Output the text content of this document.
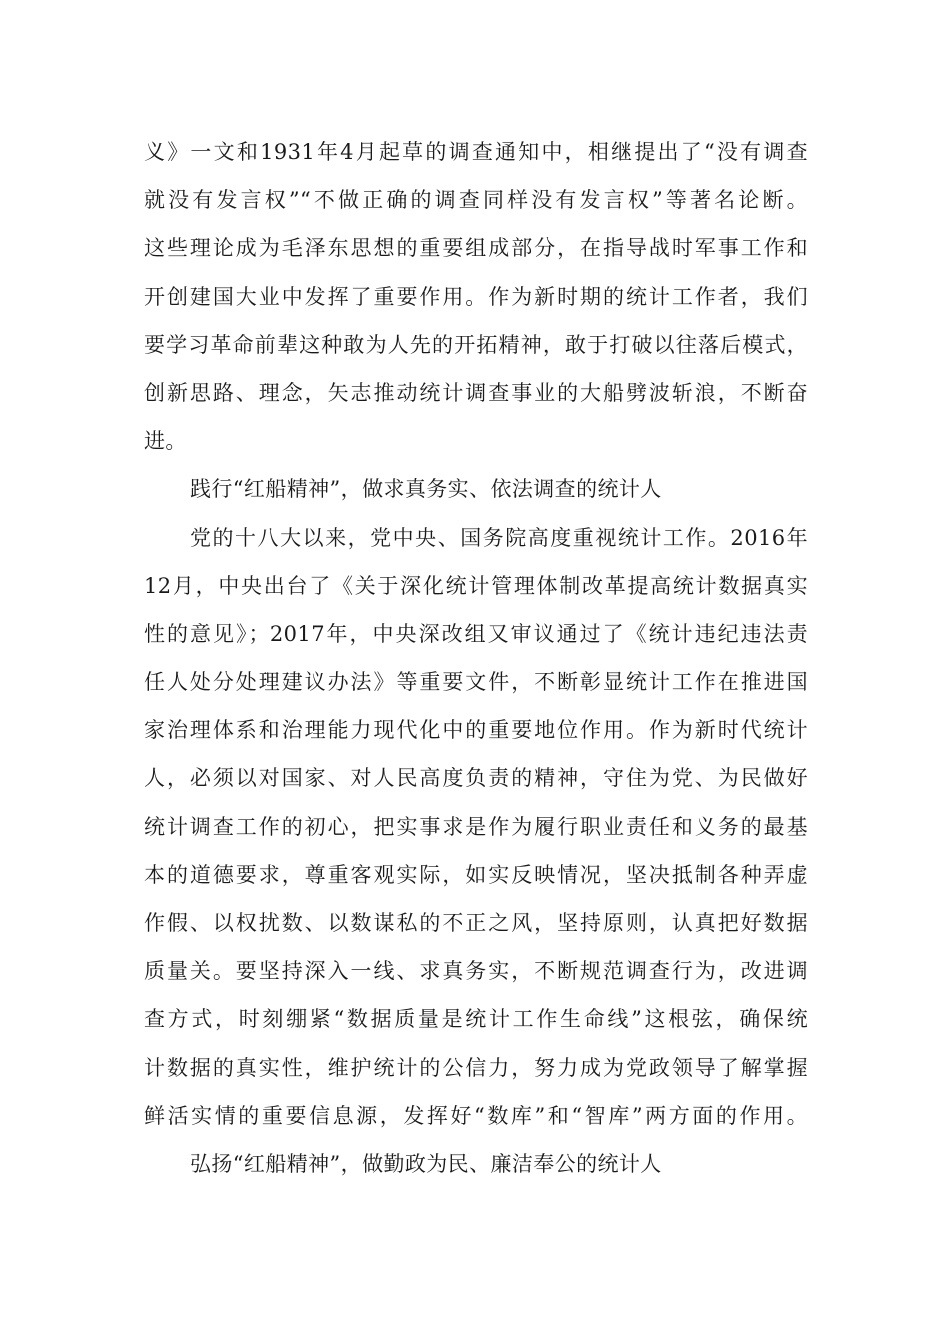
义》一文和1931年4月起草的调查通知中，相继提出了“没有调查
就没有发言权”“不做正确的调查同样没有发言权”等著名论断。
这些理论成为毛泽东思想的重要组成部分，在指导战时军事工作和
开创建国大业中发挥了重要作用。作为新时期的统计工作者，我们
要学习革命前辈这种敢为人先的开拓精神，敢于打破以往落后模式，
创新思路、理念，矢志推动统计调查事业的大船劈波斩浪，不断奋
进。
践行“红船精神”，做求真务实、依法调查的统计人
党的十八大以来，党中央、国务院高度重视统计工作。2016年
12月，中央出台了《关于深化统计管理体制改革提高统计数据真实
性的意见》；2017年，中央深改组又审议通过了《统计违纪违法责
任人处分处理建议办法》等重要文件，不断彰显统计工作在推进国
家治理体系和治理能力现代化中的重要地位作用。作为新时代统计
人，必须以对国家、对人民高度负责的精神，守住为党、为民做好
统计调查工作的初心，把实事求是作为履行职业责任和义务的最基
本的道德要求，尊重客观实际，如实反映情况，坚决抵制各种弄虚
作假、以权扰数、以数谋私的不正之风，坚持原则，认真把好数据
质量关。要坚持深入一线、求真务实，不断规范调查行为，改进调
查方式，时刻绷紧“数据质量是统计工作生命线”这根弦，确保统
计数据的真实性，维护统计的公信力，努力成为党政领导了解掌握
鲜活实情的重要信息源，发挥好“数库”和“智库”两方面的作用。
弘扬“红船精神”，做勤政为民、廉洁奉公的统计人
